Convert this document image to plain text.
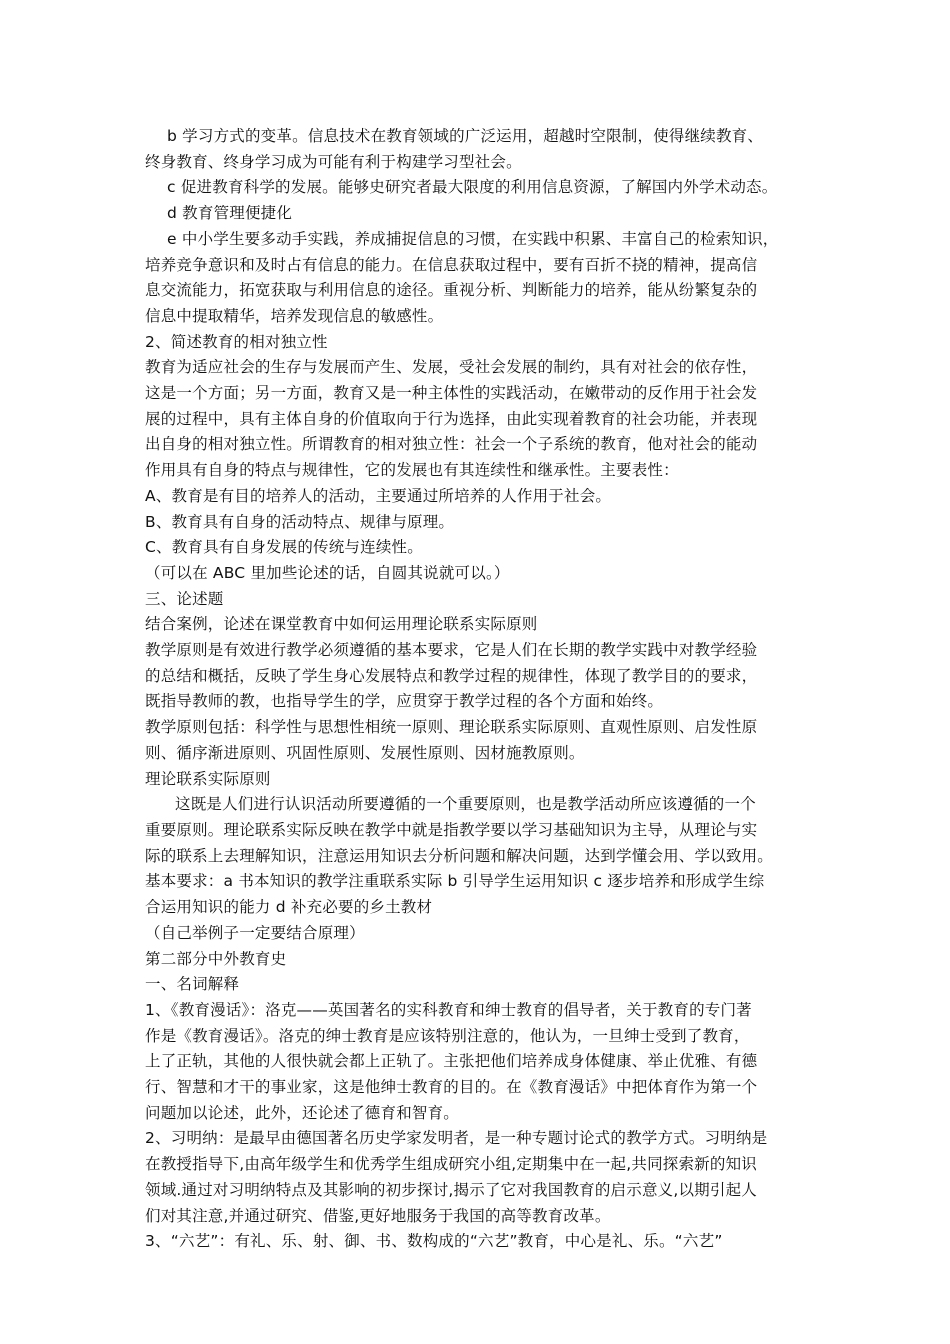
b 学习方式的变革。信息技术在教育领域的广泛运用，超越时空限制，使得继续教育、
终身教育、终身学习成为可能有利于构建学习型社会。
c 促进教育科学的发展。能够史研究者最大限度的利用信息资源，了解国内外学术动态。
d 教育管理便捷化
e 中小学生要多动手实践，养成捕捉信息的习惯，在实践中积累、丰富自己的检索知识，
培养竞争意识和及时占有信息的能力。在信息获取过程中，要有百折不挠的精神，提高信
息交流能力，拓宽获取与利用信息的途径。重视分析、判断能力的培养，能从纷繁复杂的
信息中提取精华，培养发现信息的敏感性。
2、简述教育的相对独立性
教育为适应社会的生存与发展而产生、发展，受社会发展的制约，具有对社会的依存性，
这是一个方面；另一方面，教育又是一种主体性的实践活动，在嫩带动的反作用于社会发
展的过程中，具有主体自身的价值取向于行为选择，由此实现着教育的社会功能，并表现
出自身的相对独立性。所谓教育的相对独立性：社会一个子系统的教育，他对社会的能动
作用具有自身的特点与规律性，它的发展也有其连续性和继承性。主要表性：
A、教育是有目的培养人的活动，主要通过所培养的人作用于社会。
B、教育具有自身的活动特点、规律与原理。
C、教育具有自身发展的传统与连续性。
（可以在 ABC 里加些论述的话，自圆其说就可以。）
三、论述题
结合案例，论述在课堂教育中如何运用理论联系实际原则
教学原则是有效进行教学必须遵循的基本要求，它是人们在长期的教学实践中对教学经验
的总结和概括，反映了学生身心发展特点和教学过程的规律性，体现了教学目的的要求，
既指导教师的教，也指导学生的学，应贯穿于教学过程的各个方面和始终。
教学原则包括：科学性与思想性相统一原则、理论联系实际原则、直观性原则、启发性原
则、循序渐进原则、巩固性原则、发展性原则、因材施教原则。
理论联系实际原则
这既是人们进行认识活动所要遵循的一个重要原则，也是教学活动所应该遵循的一个
重要原则。理论联系实际反映在教学中就是指教学要以学习基础知识为主导，从理论与实
际的联系上去理解知识，注意运用知识去分析问题和解决问题，达到学懂会用、学以致用。
基本要求：a 书本知识的教学注重联系实际 b 引导学生运用知识 c 逐步培养和形成学生综
合运用知识的能力 d 补充必要的乡土教材
（自己举例子一定要结合原理）
第二部分中外教育史
一、名词解释
1、《教育漫话》：洛克——英国著名的实科教育和绅士教育的倡导者，关于教育的专门著
作是《教育漫话》。洛克的绅士教育是应该特别注意的，他认为，一旦绅士受到了教育，
上了正轨，其他的人很快就会都上正轨了。主张把他们培养成身体健康、举止优雅、有德
行、智慧和才干的事业家，这是他绅士教育的目的。在《教育漫话》中把体育作为第一个
问题加以论述，此外，还论述了德育和智育。
2、习明纳：是最早由德国著名历史学家发明者，是一种专题讨论式的教学方式。习明纳是
在教授指导下,由高年级学生和优秀学生组成研究小组,定期集中在一起,共同探索新的知识
领域.通过对习明纳特点及其影响的初步探讨,揭示了它对我国教育的启示意义,以期引起人
们对其注意,并通过研究、借鉴,更好地服务于我国的高等教育改革。
3、“六艺”：有礼、乐、射、御、书、数构成的“六艺”教育，中心是礼、乐。“六艺”
